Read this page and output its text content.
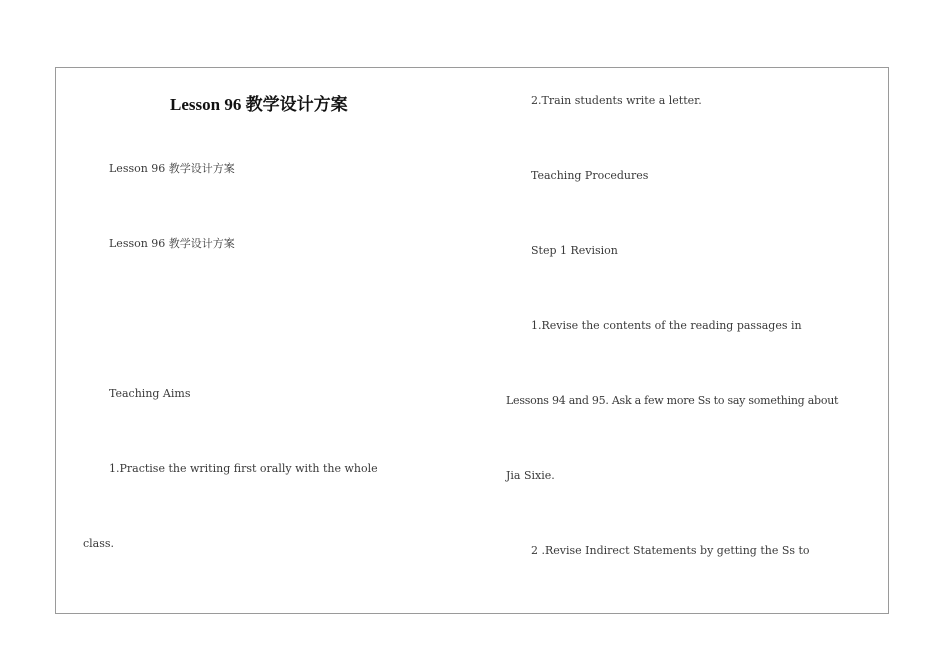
Lesson 96 教学设计方案
Lesson 96 教学设计方案
Lesson 96 教学设计方案
Teaching Aims
1.Practise the writing first orally with the whole
class.
2.Train students write a letter.
Teaching Procedures
Step 1 Revision
1.Revise the contents of the reading passages in
Lessons 94 and 95. Ask a few more Ss to say something about
Jia Sixie.
2 .Revise Indirect Statements by getting the Ss to
